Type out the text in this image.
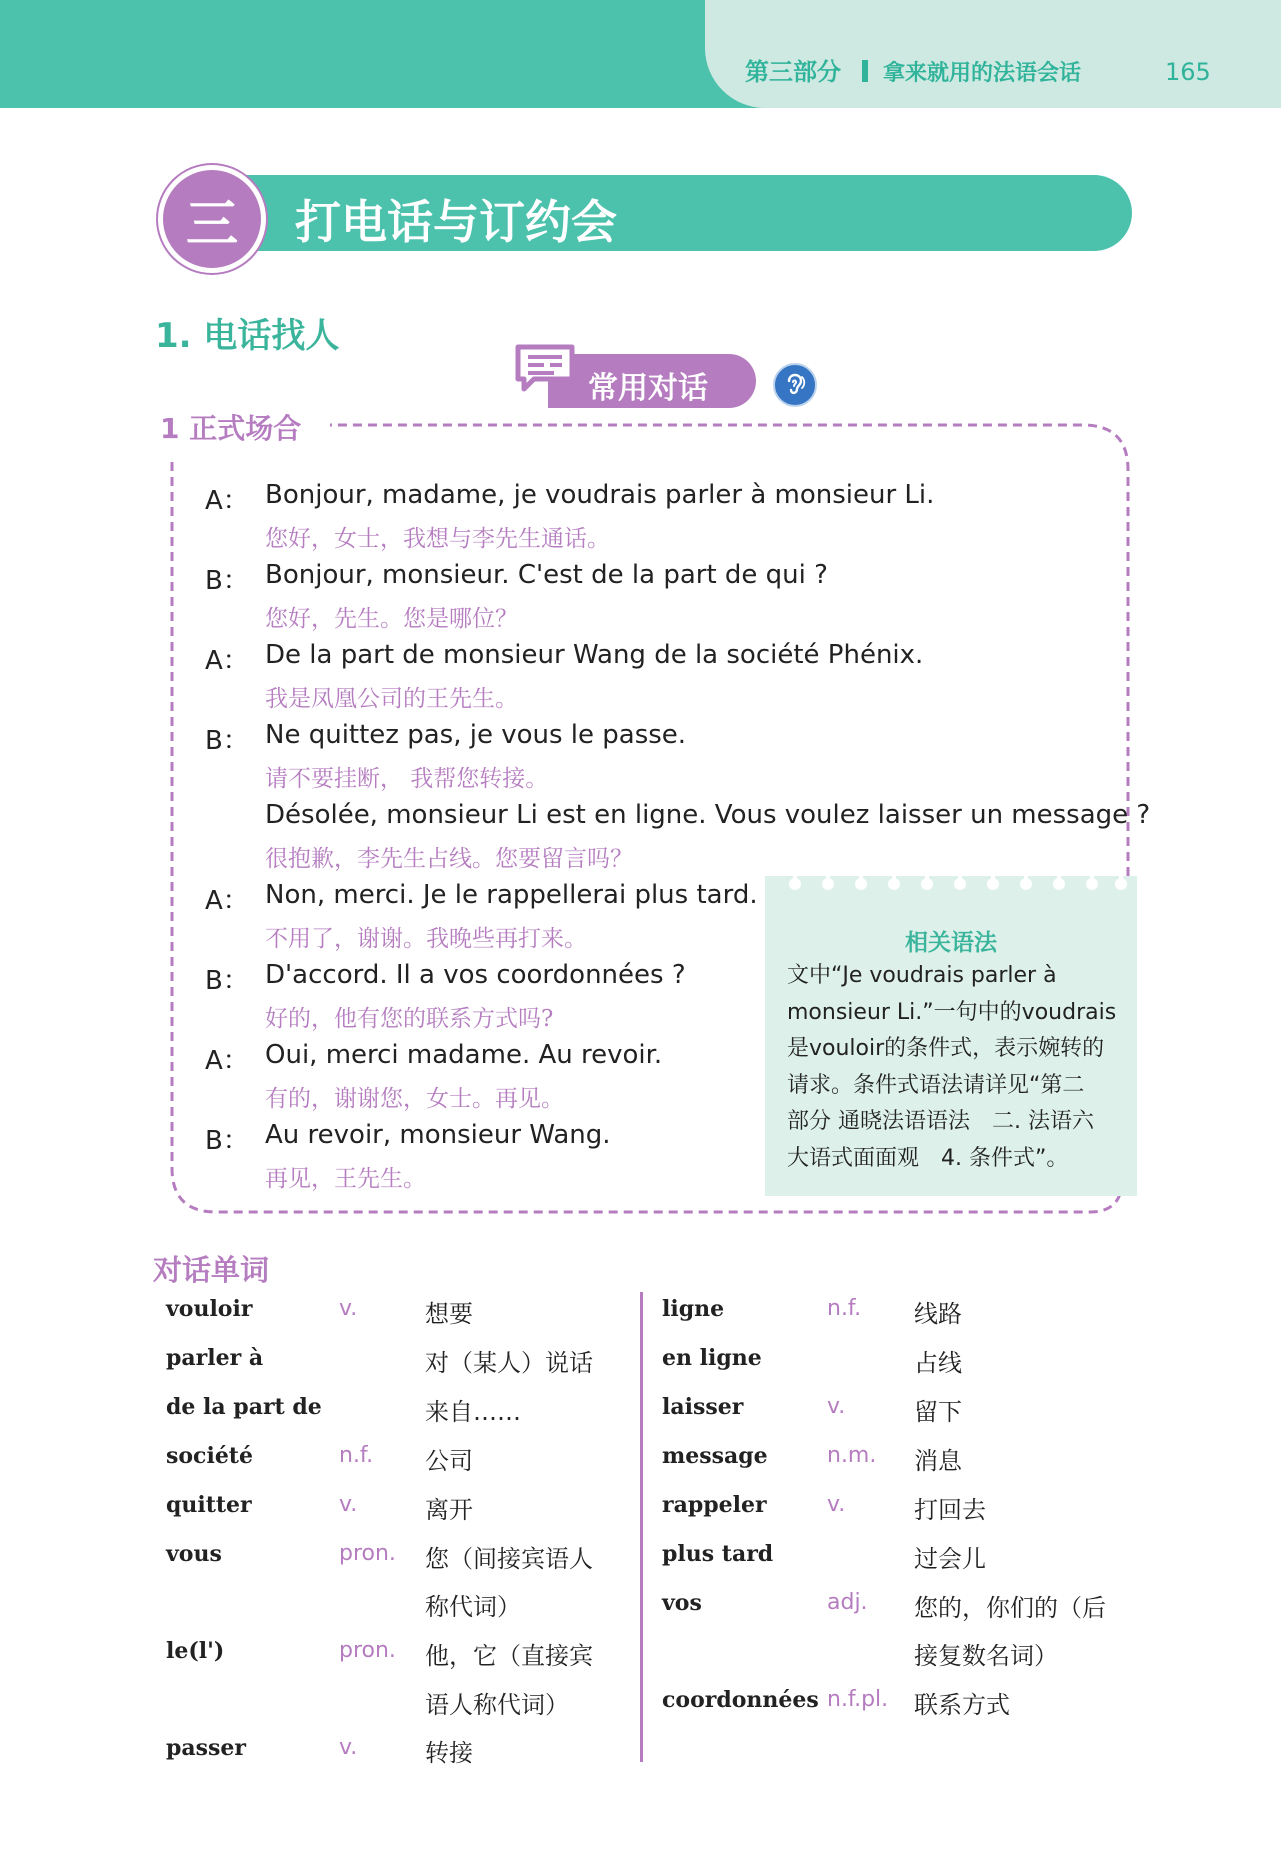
第三部分 拿来就用的法语会话	165
三	打电话与订约会
1. 电话找人
常用对话
1 正式场合
A： Bonjour, madame, je voudrais parler à monsieur Li.
您好，女士，我想与李先生通话。
B： Bonjour, monsieur. C'est de la part de qui ?
您好，先生。您是哪位？
A： De la part de monsieur Wang de la société Phénix.
我是凤凰公司的王先生。
B： Ne quittez pas, je vous le passe.
请不要挂断， 我帮您转接。
Désolée, monsieur Li est en ligne. Vous voulez laisser un message ?
很抱歉，李先生占线。您要留言吗？
A： Non, merci. Je le rappellerai plus tard.
不用了，谢谢。我晚些再打来。
B： D'accord. Il a vos coordonnées ?
好的，他有您的联系方式吗?
A： Oui, merci madame. Au revoir.
有的，谢谢您，女士。再见。
B： Au revoir, monsieur Wang.
再见，王先生。
相关语法
文中“Je voudrais parler à
monsieur Li.”一句中的voudrais
是vouloir的条件式，表示婉转的
请求。条件式语法请详见“第二
部分 通晓法语语法　二. 法语六
大语式面面观　4. 条件式”。
对话单词
vouloir	v.	想要
parler à	对（某人）说话
de la part de	来自……
société	n.f. 公司
quitter	v.	离开
vous	pron. 您（间接宾语人
称代词）
le(l')	pron. 他，它（直接宾
语人称代词）
passer	v.	转接
ligne	n.f. 线路
en ligne	占线
laisser	v.	留下
message	n.m. 消息
rappeler	v.	打回去
plus tard	过会儿
vos	adj. 您的，你们的（后
接复数名词）
coordonnées n.f.pl. 联系方式
